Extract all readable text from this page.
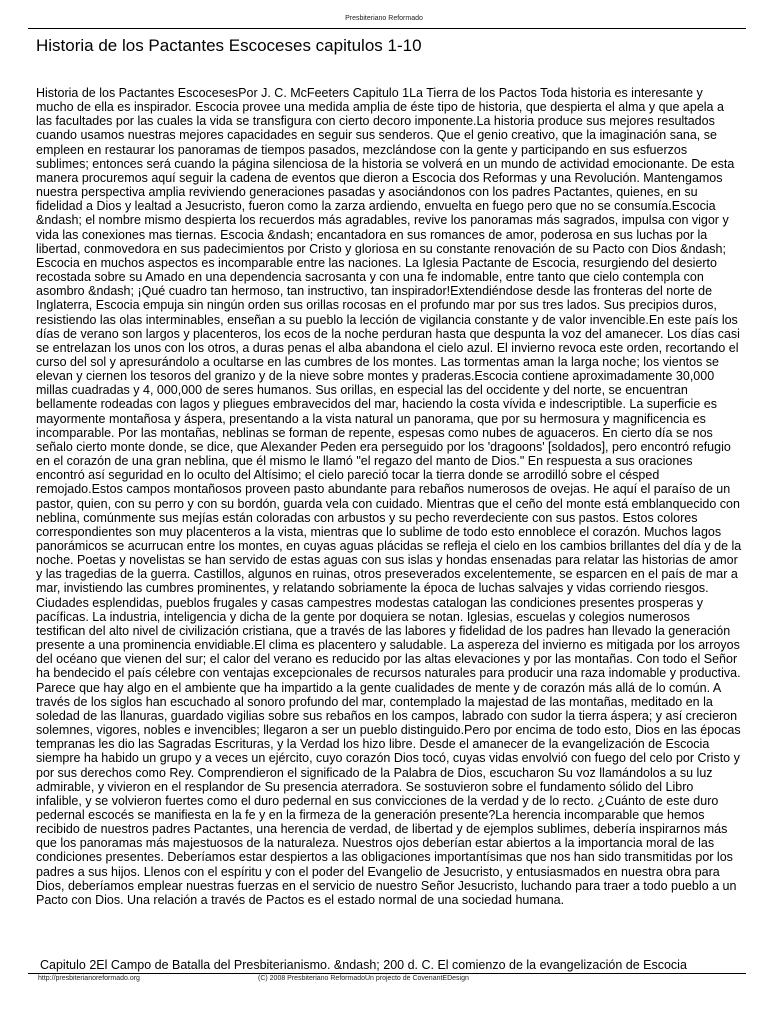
Presbiteriano Reformado
Historia de los Pactantes Escoceses capitulos 1-10

Historia de los Pactantes EscocesesPor J. C. McFeeters Capitulo 1La Tierra de los Pactos Toda historia es interesante y mucho de ella es inspirador. Escocia provee una medida amplia de éste tipo de historia, que despierta el alma y que apela a las facultades por las cuales la vida se transfigura con cierto decoro imponente.La historia produce sus mejores resultados cuando usamos nuestras mejores capacidades en seguir sus senderos. Que el genio creativo, que la imaginación sana, se empleen en restaurar los panoramas de tiempos pasados, mezclándose con la gente y participando en sus esfuerzos sublimes; entonces será cuando la página silenciosa de la historia se volverá en un mundo de actividad emocionante. De esta manera procuremos aquí seguir la cadena de eventos que dieron a Escocia dos Reformas y una Revolución. Mantengamos nuestra perspectiva amplia reviviendo generaciones pasadas y asociándonos con los padres Pactantes, quienes, en su fidelidad a Dios y lealtad a Jesucristo, fueron como la zarza ardiendo, envuelta en fuego pero que no se consumía.Escocia &ndash; el nombre mismo despierta los recuerdos más agradables, revive los panoramas más sagrados, impulsa con vigor y vida las conexiones mas tiernas. Escocia &ndash; encantadora en sus romances de amor, poderosa en sus luchas por la libertad, conmovedora en sus padecimientos por Cristo y gloriosa en su constante renovación de su Pacto con Dios &ndash; Escocia en muchos aspectos es incomparable entre las naciones. La Iglesia Pactante de Escocia, resurgiendo del desierto recostada sobre su Amado en una dependencia sacrosanta y con una fe indomable, entre tanto que cielo contempla con asombro &ndash; ¡Qué cuadro tan hermoso, tan instructivo, tan inspirador!Extendiéndose desde las fronteras del norte de Inglaterra, Escocia empuja sin ningún orden sus orillas rocosas en el profundo mar por sus tres lados. Sus precipios duros, resistiendo las olas interminables, enseñan a su pueblo la lección de vigilancia constante y de valor invencible.En este país los días de verano son largos y placenteros, los ecos de la noche perduran hasta que despunta la voz del amanecer. Los días casi se entrelazan los unos con los otros, a duras penas el alba abandona el cielo azul. El invierno revoca este orden, recortando el curso del sol y apresurándolo a ocultarse en las cumbres de los montes. Las tormentas aman la larga noche; los vientos se elevan y ciernen los tesoros del granizo y de la nieve sobre montes y praderas.Escocia contiene aproximadamente 30,000 millas cuadradas y 4, 000,000 de seres humanos. Sus orillas, en especial las del occidente y del norte, se encuentran bellamente rodeadas con lagos y pliegues embravecidos del mar, haciendo la costa vívida e indescriptible. La superficie es mayormente montañosa y áspera, presentando a la vista natural un panorama, que por su hermosura y magnificencia es incomparable. Por las montañas, neblinas se forman de repente, espesas como nubes de aguaceros. En cierto día se nos señalo cierto monte donde, se dice, que Alexander Peden era perseguido por los 'dragoons' [soldados], pero encontró refugio en el corazón de una gran neblina, que él mismo le llamó "el regazo del manto de Dios." En respuesta a sus oraciones encontró así seguridad en lo oculto del Altísimo; el cielo pareció tocar la tierra donde se arrodilló sobre el césped remojado.Estos campos montañosos proveen pasto abundante para rebaños numerosos de ovejas. He aquí el paraíso de un pastor, quien, con su perro y con su bordón, guarda vela con cuidado. Mientras que el ceño del monte está emblanquecido con neblina, comúnmente sus mejías están coloradas con arbustos y su pecho reverdeciente con sus pastos. Estos colores correspondientes son muy placenteros a la vista, mientras que lo sublime de todo esto ennoblece el corazón. Muchos lagos panorámicos se acurrucan entre los montes, en cuyas aguas plácidas se refleja el cielo en los cambios brillantes del día y de la noche. Poetas y novelistas se han servido de estas aguas con sus islas y hondas ensenadas para relatar las historias de amor y las tragedias de la guerra. Castillos, algunos en ruinas, otros preseverados excelentemente, se esparcen en el país de mar a mar, invistiendo las cumbres prominentes, y relatando sobriamente la época de luchas salvajes y vidas corriendo riesgos. Ciudades esplendidas, pueblos frugales y casas campestres modestas catalogan las condiciones presentes prosperas y pacíficas. La industria, inteligencia y dicha de la gente por doquiera se notan. Iglesias, escuelas y colegios numerosos testifican del alto nivel de civilización cristiana, que a través de las labores y fidelidad de los padres han llevado la generación presente a una prominencia envidiable.El clima es placentero y saludable. La aspereza del invierno es mitigada por los arroyos del océano que vienen del sur; el calor del verano es reducido por las altas elevaciones y por las montañas. Con todo el Señor ha bendecido el país célebre con ventajas excepcionales de recursos naturales para producir una raza indomable y productiva. Parece que hay algo en el ambiente que ha impartido a la gente cualidades de mente y de corazón más allá de lo común. A través de los siglos han escuchado al sonoro profundo del mar, contemplado la majestad de las montañas, meditado en la soledad de las llanuras, guardado vigilias sobre sus rebaños en los campos, labrado con sudor la tierra áspera; y así crecieron solemnes, vigores, nobles e invencibles; llegaron a ser un pueblo distinguido.Pero por encima de todo esto, Dios en las épocas tempranas les dio las Sagradas Escrituras, y la Verdad los hizo libre. Desde el amanecer de la evangelización de Escocia siempre ha habido un grupo y a veces un ejército, cuyo corazón Dios tocó, cuyas vidas envolvió con fuego del celo por Cristo y por sus derechos como Rey. Comprendieron el significado de la Palabra de Dios, escucharon Su voz llamándolos a su luz admirable, y vivieron en el resplandor de Su presencia aterradora. Se sostuvieron sobre el fundamento sólido del Libro infalible, y se volvieron fuertes como el duro pedernal en sus convicciones de la verdad y de lo recto. ¿Cuánto de este duro pedernal escocés se manifiesta en la fe y en la firmeza de la generación presente?La herencia incomparable que hemos recibido de nuestros padres Pactantes, una herencia de verdad, de libertad y de ejemplos sublimes, debería inspirarnos más que los panoramas más majestuosos de la naturaleza. Nuestros ojos deberían estar abiertos a la importancia moral de las condiciones presentes. Deberíamos estar despiertos a las obligaciones importantísimas que nos han sido transmitidas por los padres a sus hijos. Llenos con el espíritu y con el poder del Evangelio de Jesucristo, y entusiasmados en nuestra obra para Dios, deberíamos emplear nuestras fuerzas en el servicio de nuestro Señor Jesucristo, luchando para traer a todo pueblo a un Pacto con Dios. Una relación a través de Pactos es el estado normal de una sociedad humana.

Capitulo 2El Campo de Batalla del Presbiterianismo. &ndash; 200 d. C. El comienzo de la evangelización de Escocia

http://presbiterianoreformado.org	(C) 2008 Presbiteriano ReformadoUn projecto de CovenantEDesign
